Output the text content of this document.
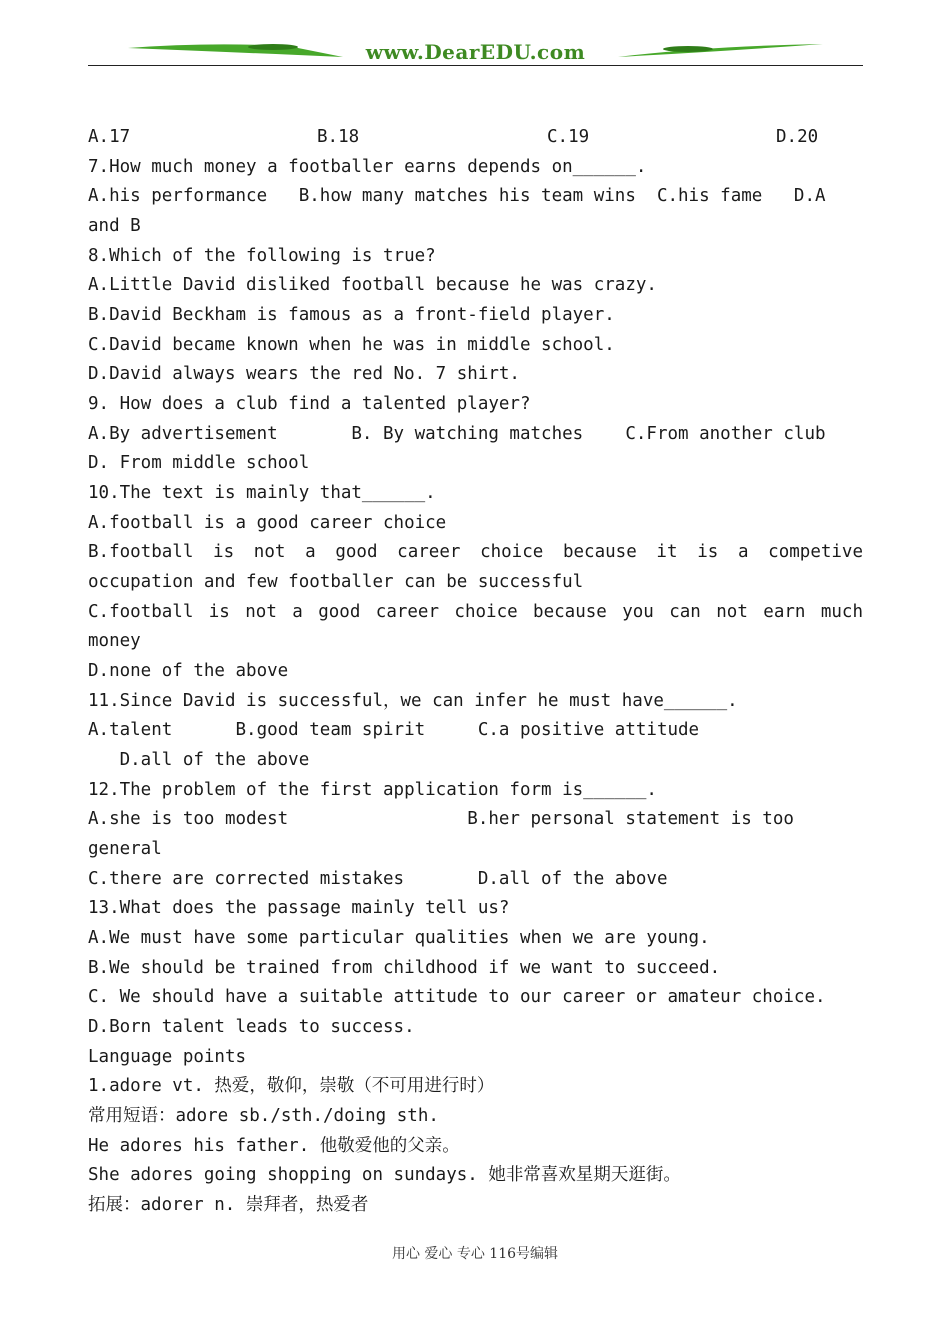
www.DearEDU.com
A.17	B.18	C.19	D.20
7.How much money a footballer earns depends on______.
A.his performance   B.how many matches his team wins  C.his fame   D.A
and B
8.Which of the following is true?
A.Little David disliked football because he was crazy.
B.David Beckham is famous as a front-field player.
C.David became known when he was in middle school.
D.David always wears the red No. 7 shirt.
9. How does a club find a talented player?
A.By advertisement       B. By watching matches    C.From another club
D. From middle school
10.The text is mainly that______.
A.football is a good career choice
B.football is not a good career choice because it is a competive
occupation and few footballer can be successful
C.football is not a good career choice because you can not earn much
money
D.none of the above
11.Since David is successful，we can infer he must have______.
A.talent      B.good team spirit     C.a positive attitude
D.all of the above
12.The problem of the first application form is______.
A.she is too modest                 B.her personal statement is too
general
C.there are corrected mistakes       D.all of the above
13.What does the passage mainly tell us?
A.We must have some particular qualities when we are young.
B.We should be trained from childhood if we want to succeed.
C. We should have a suitable attitude to our career or amateur choice.
D.Born talent leads to success.
Language points
1.adore vt. 热爱，敬仰，崇敬（不可用进行时）
常用短语：adore sb./sth./doing sth.
He adores his father. 他敬爱他的父亲。
She adores going shopping on sundays. 她非常喜欢星期天逛街。
拓展：adorer n. 崇拜者，热爱者
用心 爱心 专心 116号编辑
